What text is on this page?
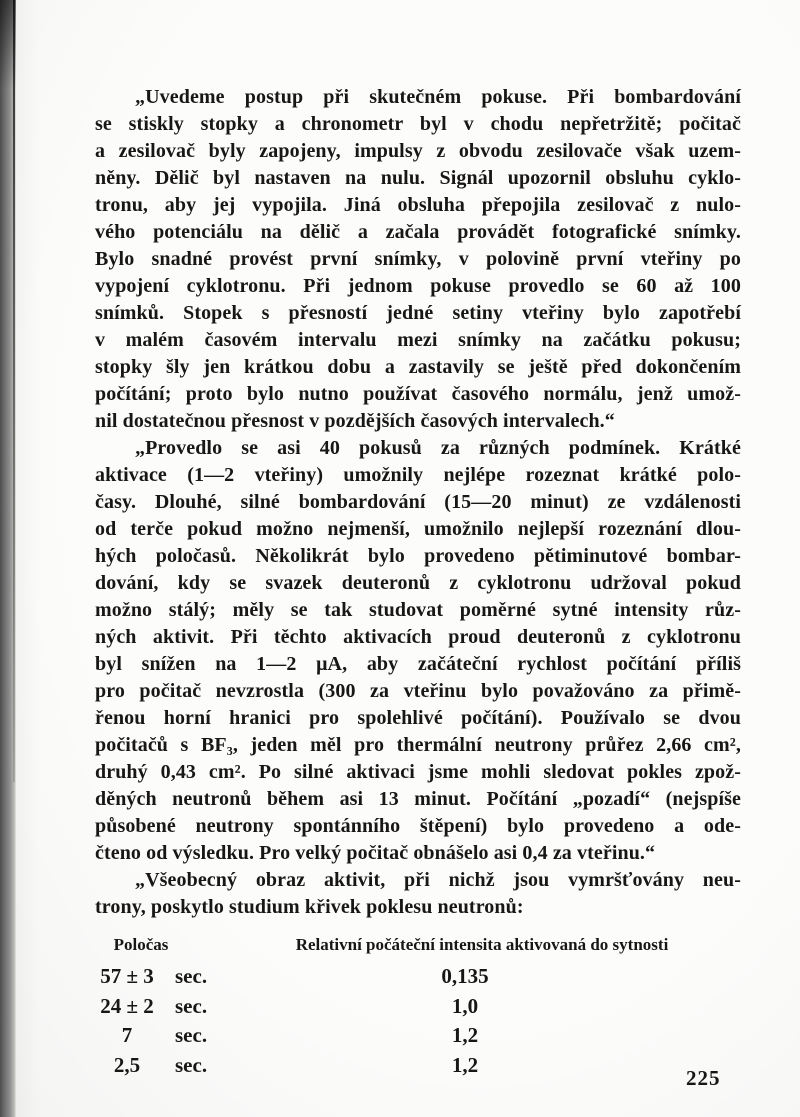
„Uvedeme postup při skutečném pokuse. Při bombardování
se stiskly stopky a chronometr byl v chodu nepřetržitě; počitač
a zesilovač byly zapojeny, impulsy z obvodu zesilovače však uzem-
něny. Dělič byl nastaven na nulu. Signál upozornil obsluhu cyklo-
tronu, aby jej vypojila. Jiná obsluha přepojila zesilovač z nulo-
vého potenciálu na dělič a začala provádět fotografické snímky.
Bylo snadné provést první snímky, v polovině první vteřiny po
vypojení cyklotronu. Při jednom pokuse provedlo se 60 až 100
snímků. Stopek s přesností jedné setiny vteřiny bylo zapotřebí
v malém časovém intervalu mezi snímky na začátku pokusu;
stopky šly jen krátkou dobu a zastavily se ještě před dokončením
počítání; proto bylo nutno používat časového normálu, jenž umož-
nil dostatečnou přesnost v pozdějších časových intervalech.“
„Provedlo se asi 40 pokusů za různých podmínek. Krátké
aktivace (1—2 vteřiny) umožnily nejlépe rozeznat krátké polo-
časy. Dlouhé, silné bombardování (15—20 minut) ze vzdálenosti
od terče pokud možno nejmenší, umožnilo nejlepší rozeznání dlou-
hých poločasů. Několikrát bylo provedeno pětiminutové bombar-
dování, kdy se svazek deuteronů z cyklotronu udržoval pokud
možno stálý; měly se tak studovat poměrné sytné intensity růz-
ných aktivit. Při těchto aktivacích proud deuteronů z cyklotronu
byl snížen na 1—2 μA, aby začáteční rychlost počítání příliš
pro počitač nevzrostla (300 za vteřinu bylo považováno za přimě-
řenou horní hranici pro spolehlivé počítání). Používalo se dvou
počitačů s BF₃, jeden měl pro thermální neutrony průřez 2,66 cm²,
druhý 0,43 cm². Po silné aktivaci jsme mohli sledovat pokles zpož-
děných neutronů během asi 13 minut. Počítání „pozadí“ (nejspíše
působené neutrony spontánního štěpení) bylo provedeno a ode-
čteno od výsledku. Pro velký počitač obnášelo asi 0,4 za vteřinu.“
„Všeobecný obraz aktivit, při nichž jsou vymršťovány neu-
trony, poskytlo studium křivek poklesu neutronů:
Poločas	Relativní počáteční intensita aktivovaná do sytnosti
57 ± 3	sec.	0,135
24 ± 2	sec.	1,0
7	sec.	1,2
2,5	sec.	1,2
225
